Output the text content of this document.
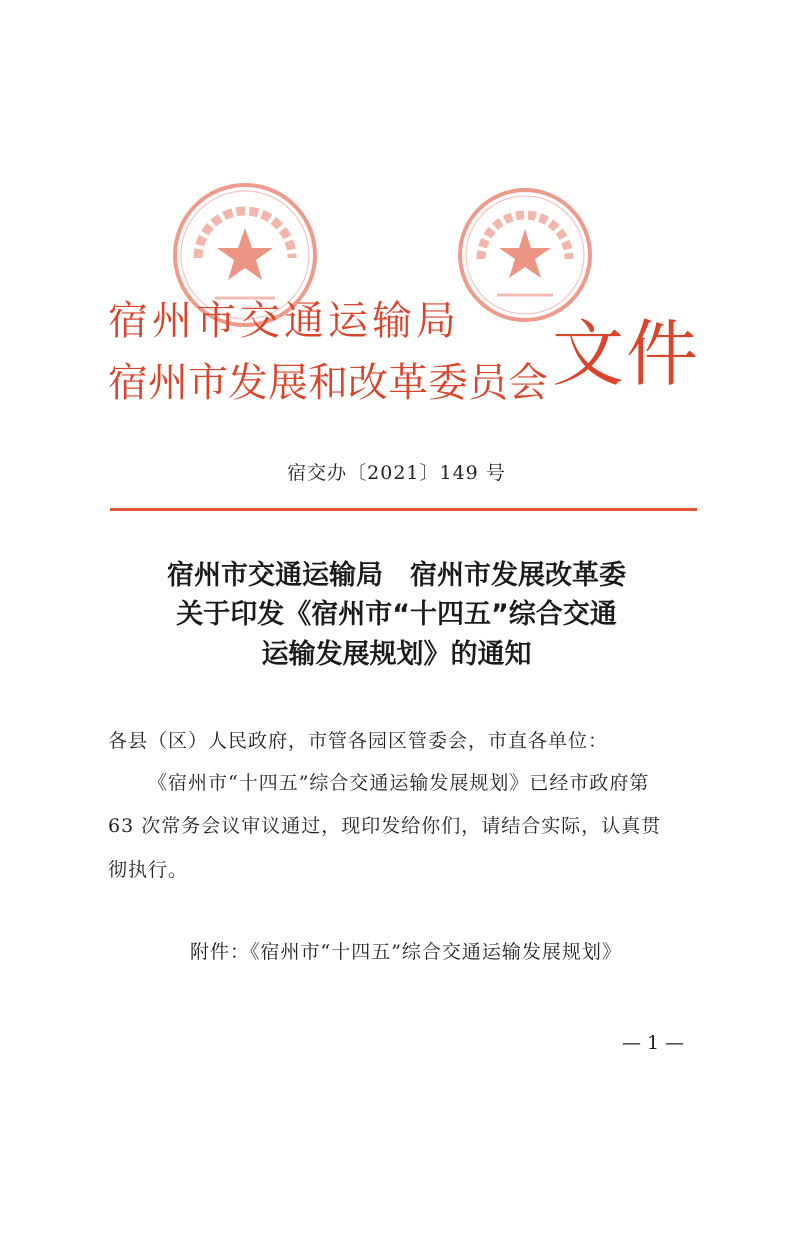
宿州市交通运输局
宿州市发展和改革委员会 文件
宿交办〔2021〕149 号
宿州市交通运输局　宿州市发展改革委
关于印发《宿州市“十四五”综合交通
运输发展规划》的通知
各县（区）人民政府，市管各园区管委会，市直各单位：
《宿州市“十四五”综合交通运输发展规划》已经市政府第
63 次常务会议审议通过，现印发给你们，请结合实际，认真贯
彻执行。
附件：《宿州市“十四五”综合交通运输发展规划》
— 1 —
